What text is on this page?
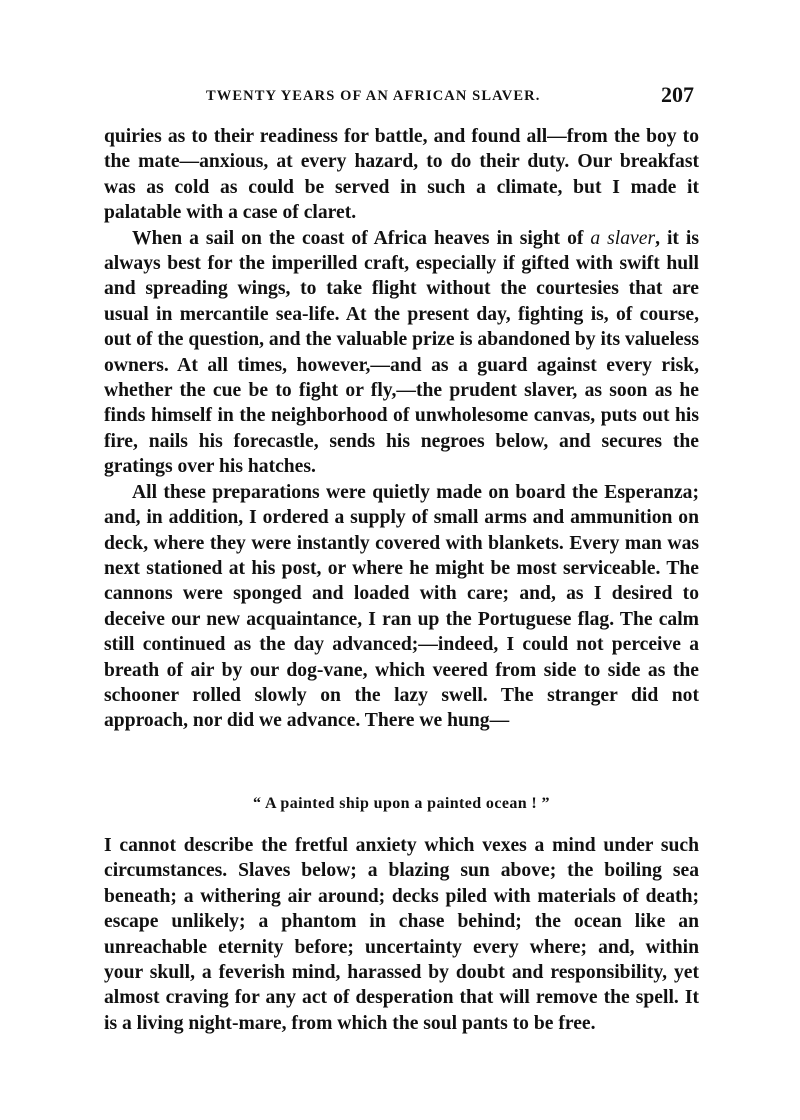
TWENTY YEARS OF AN AFRICAN SLAVER.	207

quiries as to their readiness for battle, and found all—from the boy to the mate—anxious, at every hazard, to do their duty. Our breakfast was as cold as could be served in such a climate, but I made it palatable with a case of claret.

When a sail on the coast of Africa heaves in sight of a slaver, it is always best for the imperilled craft, especially if gifted with swift hull and spreading wings, to take flight without the courtesies that are usual in mercantile sea-life. At the present day, fighting is, of course, out of the question, and the valuable prize is abandoned by its valueless owners. At all times, however,—and as a guard against every risk, whether the cue be to fight or fly,—the prudent slaver, as soon as he finds himself in the neighborhood of unwholesome canvas, puts out his fire, nails his forecastle, sends his negroes below, and secures the gratings over his hatches.

All these preparations were quietly made on board the Esperanza; and, in addition, I ordered a supply of small arms and ammunition on deck, where they were instantly covered with blankets. Every man was next stationed at his post, or where he might be most serviceable. The cannons were sponged and loaded with care; and, as I desired to deceive our new acquaintance, I ran up the Portuguese flag. The calm still continued as the day advanced;—indeed, I could not perceive a breath of air by our dog-vane, which veered from side to side as the schooner rolled slowly on the lazy swell. The stranger did not approach, nor did we advance. There we hung—

“ A painted ship upon a painted ocean ! ”

I cannot describe the fretful anxiety which vexes a mind under such circumstances. Slaves below; a blazing sun above; the boiling sea beneath; a withering air around; decks piled with materials of death; escape unlikely; a phantom in chase behind; the ocean like an unreachable eternity before; uncertainty every where; and, within your skull, a feverish mind, harassed by doubt and responsibility, yet almost craving for any act of desperation that will remove the spell. It is a living night-mare, from which the soul pants to be free.
